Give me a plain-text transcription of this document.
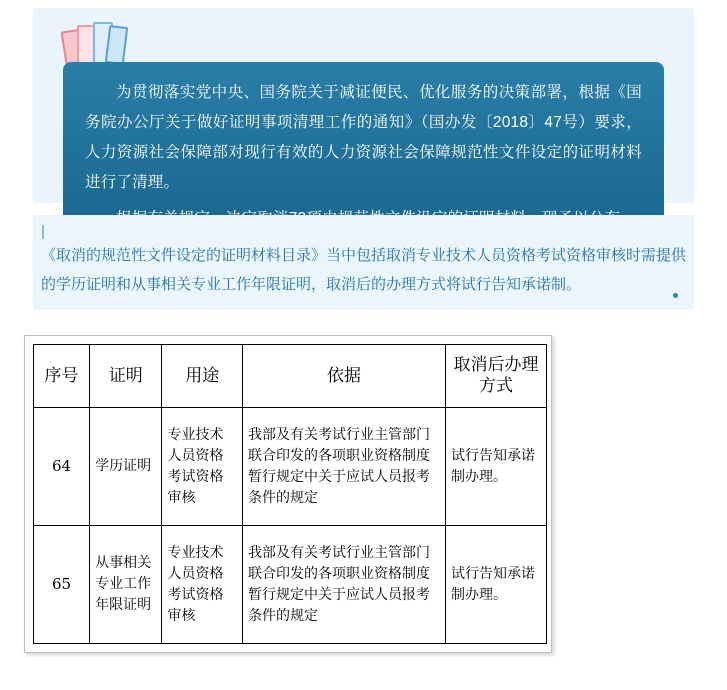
为贯彻落实党中央、国务院关于减证便民、优化服务的决策部署，根据《国务院办公厅关于做好证明事项清理工作的通知》（国办发〔2018〕47号）要求，人力资源社会保障部对现行有效的人力资源社会保障规范性文件设定的证明材料进行了清理。

《取消的规范性文件设定的证明材料目录》当中包括取消专业技术人员资格考试资格审核时需提供的学历证明和从事相关专业工作年限证明，取消后的办理方式将试行告知承诺制。

序号	证明	用途	依据	取消后办理方式
64	学历证明	专业技术人员资格考试资格审核	我部及有关考试行业主管部门联合印发的各项职业资格制度暂行规定中关于应试人员报考条件的规定	试行告知承诺制办理。
65	从事相关专业工作年限证明	专业技术人员资格考试资格审核	我部及有关考试行业主管部门联合印发的各项职业资格制度暂行规定中关于应试人员报考条件的规定	试行告知承诺制办理。
